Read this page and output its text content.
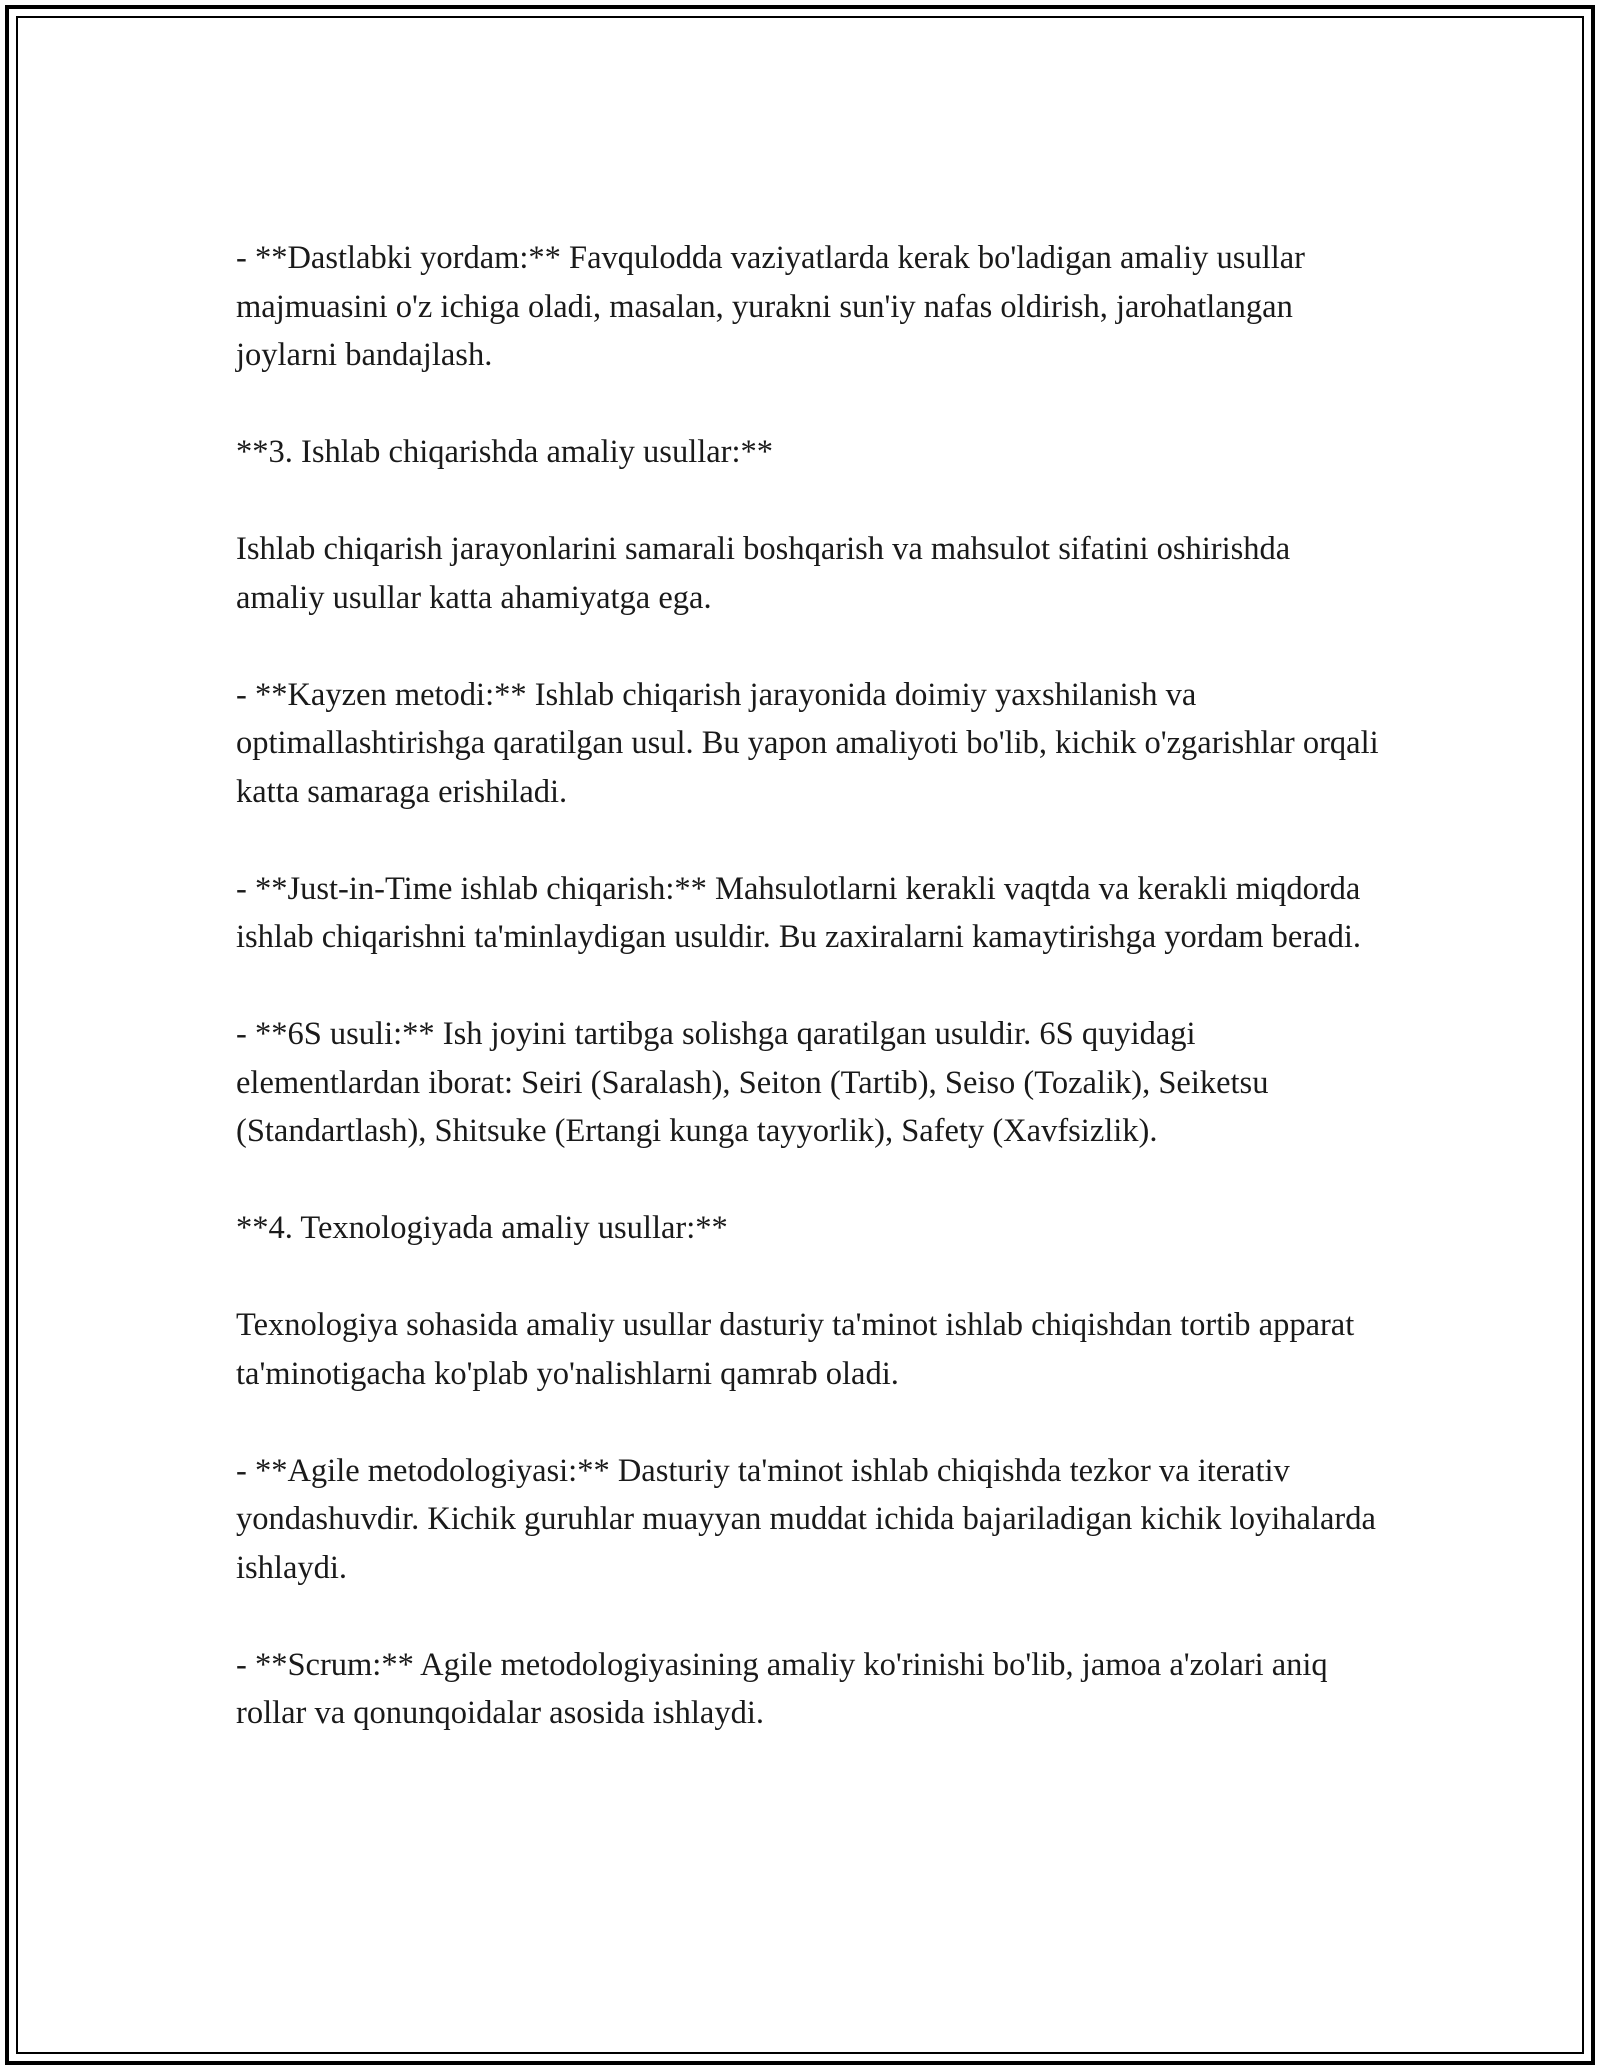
- **Dastlabki yordam:** Favqulodda vaziyatlarda kerak bo'ladigan amaliy usullar majmuasini o'z ichiga oladi, masalan, yurakni sun'iy nafas oldirish, jarohatlangan joylarni bandajlash.

**3. Ishlab chiqarishda amaliy usullar:**

Ishlab chiqarish jarayonlarini samarali boshqarish va mahsulot sifatini oshirishda amaliy usullar katta ahamiyatga ega.

- **Kayzen metodi:** Ishlab chiqarish jarayonida doimiy yaxshilanish va optimallashtirishga qaratilgan usul. Bu yapon amaliyoti bo'lib, kichik o'zgarishlar orqali katta samaraga erishiladi.

- **Just-in-Time ishlab chiqarish:** Mahsulotlarni kerakli vaqtda va kerakli miqdorda ishlab chiqarishni ta'minlaydigan usuldir. Bu zaxiralarni kamaytirishga yordam beradi.

- **6S usuli:** Ish joyini tartibga solishga qaratilgan usuldir. 6S quyidagi elementlardan iborat: Seiri (Saralash), Seiton (Tartib), Seiso (Tozalik), Seiketsu (Standartlash), Shitsuke (Ertangi kunga tayyorlik), Safety (Xavfsizlik).

**4. Texnologiyada amaliy usullar:**

Texnologiya sohasida amaliy usullar dasturiy ta'minot ishlab chiqishdan tortib apparat ta'minotigacha ko'plab yo'nalishlarni qamrab oladi.

- **Agile metodologiyasi:** Dasturiy ta'minot ishlab chiqishda tezkor va iterativ yondashuvdir. Kichik guruhlar muayyan muddat ichida bajariladigan kichik loyihalarda ishlaydi.

- **Scrum:** Agile metodologiyasining amaliy ko'rinishi bo'lib, jamoa a'zolari aniq rollar va qonunqoidalar asosida ishlaydi.
